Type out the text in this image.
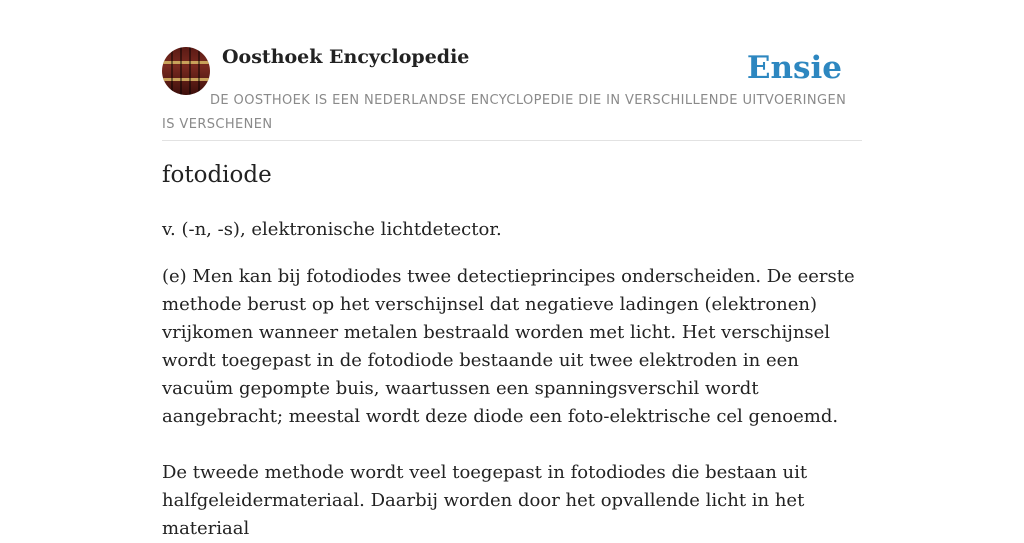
Oosthoek Encyclopedie	Ensie

DE OOSTHOEK IS EEN NEDERLANDSE ENCYCLOPEDIE DIE IN VERSCHILLENDE UITVOERINGEN IS VERSCHENEN

fotodiode

v. (-n, -s), elektronische lichtdetector.

(e) Men kan bij fotodiodes twee detectieprincipes onderscheiden. De eerste methode berust op het verschijnsel dat negatieve ladingen (elektronen) vrijkomen wanneer metalen bestraald worden met licht. Het verschijnsel wordt toegepast in de fotodiode bestaande uit twee elektroden in een vacuüm gepompte buis, waartussen een spanningsverschil wordt aangebracht; meestal wordt deze diode een foto-elektrische cel genoemd.

De tweede methode wordt veel toegepast in fotodiodes die bestaan uit halfgeleidermateriaal. Daarbij worden door het opvallende licht in het materiaal
